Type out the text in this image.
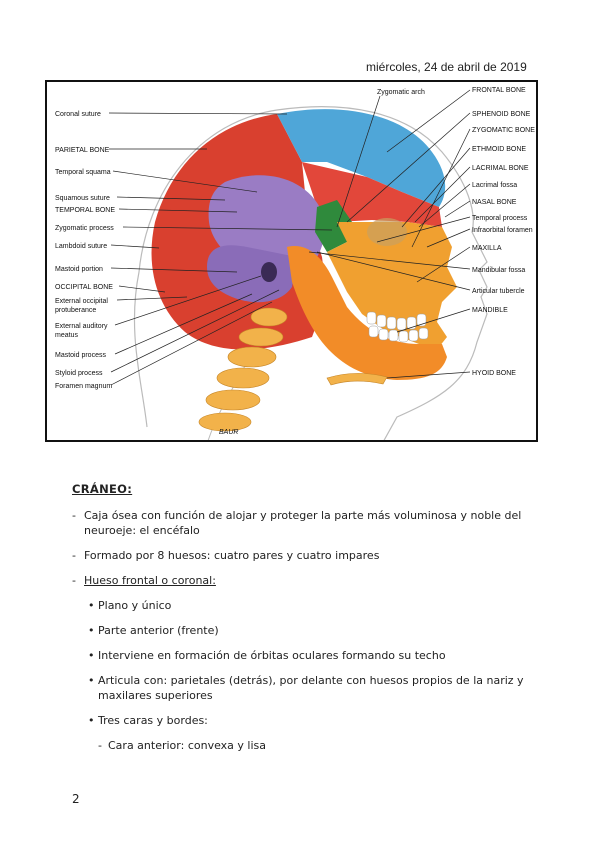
miércoles, 24 de abril de 2019
BAUR
Coronal suture
PARIETAL BONE
Temporal squama
Squamous suture
TEMPORAL BONE
Zygomatic process
Lambdoid suture
Mastoid portion
OCCIPITAL BONE
External occipital
protuberance
External auditory
meatus
Mastoid process
Styloid process
Foramen magnum
Zygomatic arch	FRONTAL BONE
SPHENOID BONE
ZYGOMATIC BONE
ETHMOID BONE
LACRIMAL BONE
Lacrimal fossa
NASAL BONE
Temporal process
Infraorbital foramen
MAXILLA
Mandibular fossa
Articular tubercle
MANDIBLE
HYOID BONE
CRÁNEO:
- Caja ósea con función de alojar y proteger la parte más voluminosa y noble del neuroeje: el encéfalo
- Formado por 8 huesos: cuatro pares y cuatro impares
- Hueso frontal o coronal:
• Plano y único
• Parte anterior (frente)
• Interviene en formación de órbitas oculares formando su techo
• Articula con: parietales (detrás), por delante con huesos propios de la nariz y maxilares superiores
• Tres caras y bordes:
- Cara anterior: convexa y lisa
2
